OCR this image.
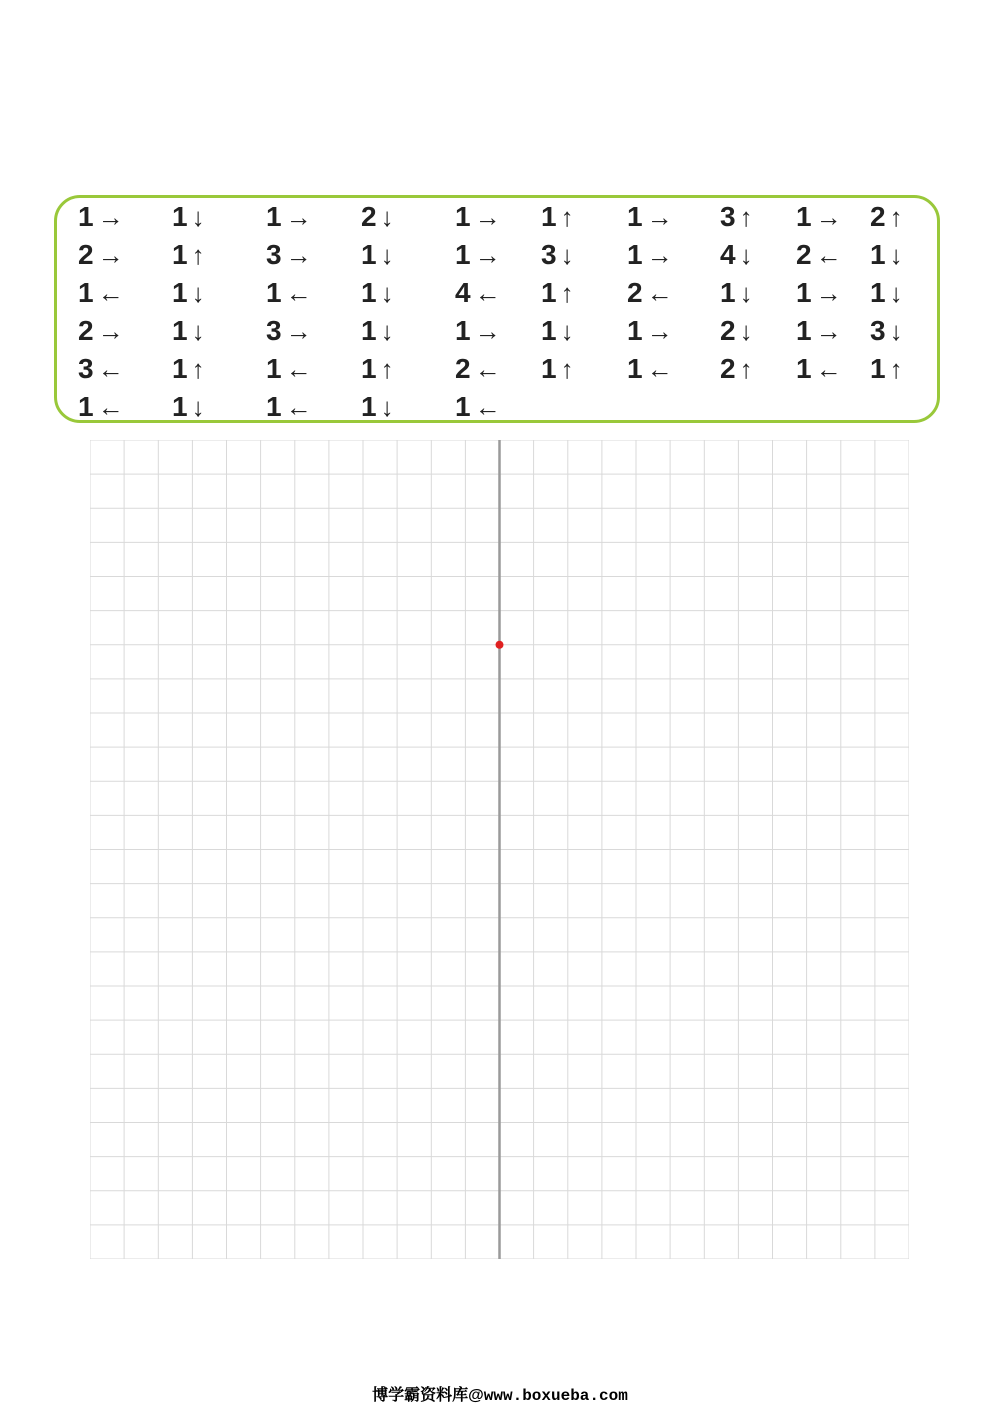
1 → 1 ↓ 1 → 2 ↓ 1 → 1 ↑ 1 → 3 ↑ 1 → 2 ↑
2 → 1 ↑ 3 → 1 ↓ 1 → 3 ↓ 1 → 4 ↓ 2 ← 1 ↓
1 ← 1 ↓ 1 ← 1 ↓ 4 ← 1 ↑ 2 ← 1 ↓ 1 → 1 ↓
2 → 1 ↓ 3 → 1 ↓ 1 → 1 ↓ 1 → 2 ↓ 1 → 3 ↓
3 ← 1 ↑ 1 ← 1 ↑ 2 ← 1 ↑ 1 ← 2 ↑ 1 ← 1 ↑
1 ← 1 ↓ 1 ← 1 ↓ 1 ←
博学霸资料库@www.boxueba.com
